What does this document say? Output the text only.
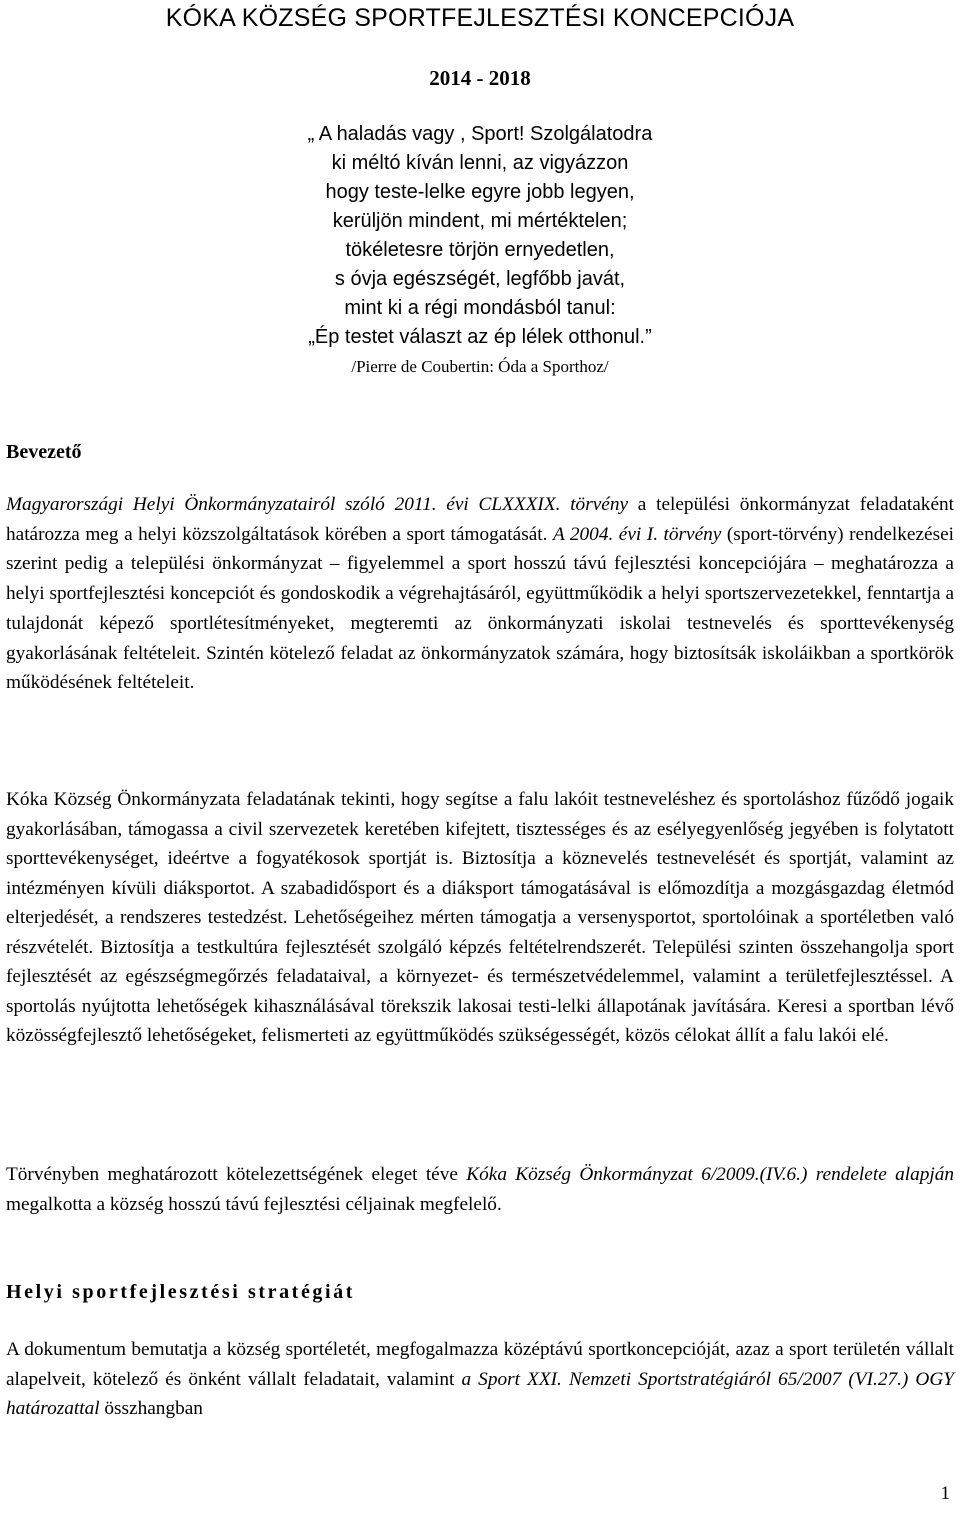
KÓKA KÖZSÉG SPORTFEJLESZTÉSI KONCEPCIÓJA
2014 - 2018
„ A haladás vagy , Sport! Szolgálatodra
ki méltó kíván lenni, az vigyázzon
hogy teste-lelke egyre jobb legyen,
kerüljön mindent, mi mértéktelen;
tökéletesre törjön ernyedetlen,
s óvja egészségét, legfőbb javát,
mint ki a régi mondásból tanul:
„Ép testet választ az ép lélek otthonul.”
/Pierre de Coubertin: Óda a Sporthoz/
Bevezető

Magyarországi Helyi Önkormányzatairól szóló 2011. évi CLXXXIX. törvény a települési önkormányzat feladataként határozza meg a helyi közszolgáltatások körében a sport támogatását. A 2004. évi I. törvény (sport-törvény) rendelkezései szerint pedig a települési önkormányzat – figyelemmel a sport hosszú távú fejlesztési koncepciójára – meghatározza a helyi sportfejlesztési koncepciót és gondoskodik a végrehajtásáról, együttműködik a helyi sportszervezetekkel, fenntartja a tulajdonát képező sportlétesítményeket, megteremti az önkormányzati iskolai testnevelés és sporttevékenység gyakorlásának feltételeit. Szintén kötelező feladat az önkormányzatok számára, hogy biztosítsák iskoláikban a sportkörök működésének feltételeit.

Kóka Község Önkormányzata feladatának tekinti, hogy segítse a falu lakóit testneveléshez és sportoláshoz fűződő jogaik gyakorlásában, támogassa a civil szervezetek keretében kifejtett, tisztességes és az esélyegyenlőség jegyében is folytatott sporttevékenységet, ideértve a fogyatékosok sportját is. Biztosítja a köznevelés testnevelését és sportját, valamint az intézményen kívüli diáksportot. A szabadidősport és a diáksport támogatásával is előmozdítja a mozgásgazdag életmód elterjedését, a rendszeres testedzést. Lehetőségeihez mérten támogatja a versenysportot, sportolóinak a sportéletben való részvételét. Biztosítja a testkultúra fejlesztését szolgáló képzés feltételrendszerét. Települési szinten összehangolja sport fejlesztését az egészségmegőrzés feladataival, a környezet- és természetvédelemmel, valamint a területfejlesztéssel. A sportolás nyújtotta lehetőségek kihasználásával törekszik lakosai testi-lelki állapotának javítására. Keresi a sportban lévő közösségfejlesztő lehetőségeket, felismerteti az együttműködés szükségességét, közös célokat állít a falu lakói elé.

Törvényben meghatározott kötelezettségének eleget téve Kóka Község Önkormányzat 6/2009.(IV.6.) rendelete alapján megalkotta a község hosszú távú fejlesztési céljainak megfelelő.

Helyi sportfejlesztési stratégiát

A dokumentum bemutatja a község sportéletét, megfogalmazza középtávú sportkoncepcióját, azaz a sport területén vállalt alapelveit, kötelező és önként vállalt feladatait, valamint a Sport XXI. Nemzeti Sportstratégiáról 65/2007 (VI.27.) OGY határozattal összhangban

1
